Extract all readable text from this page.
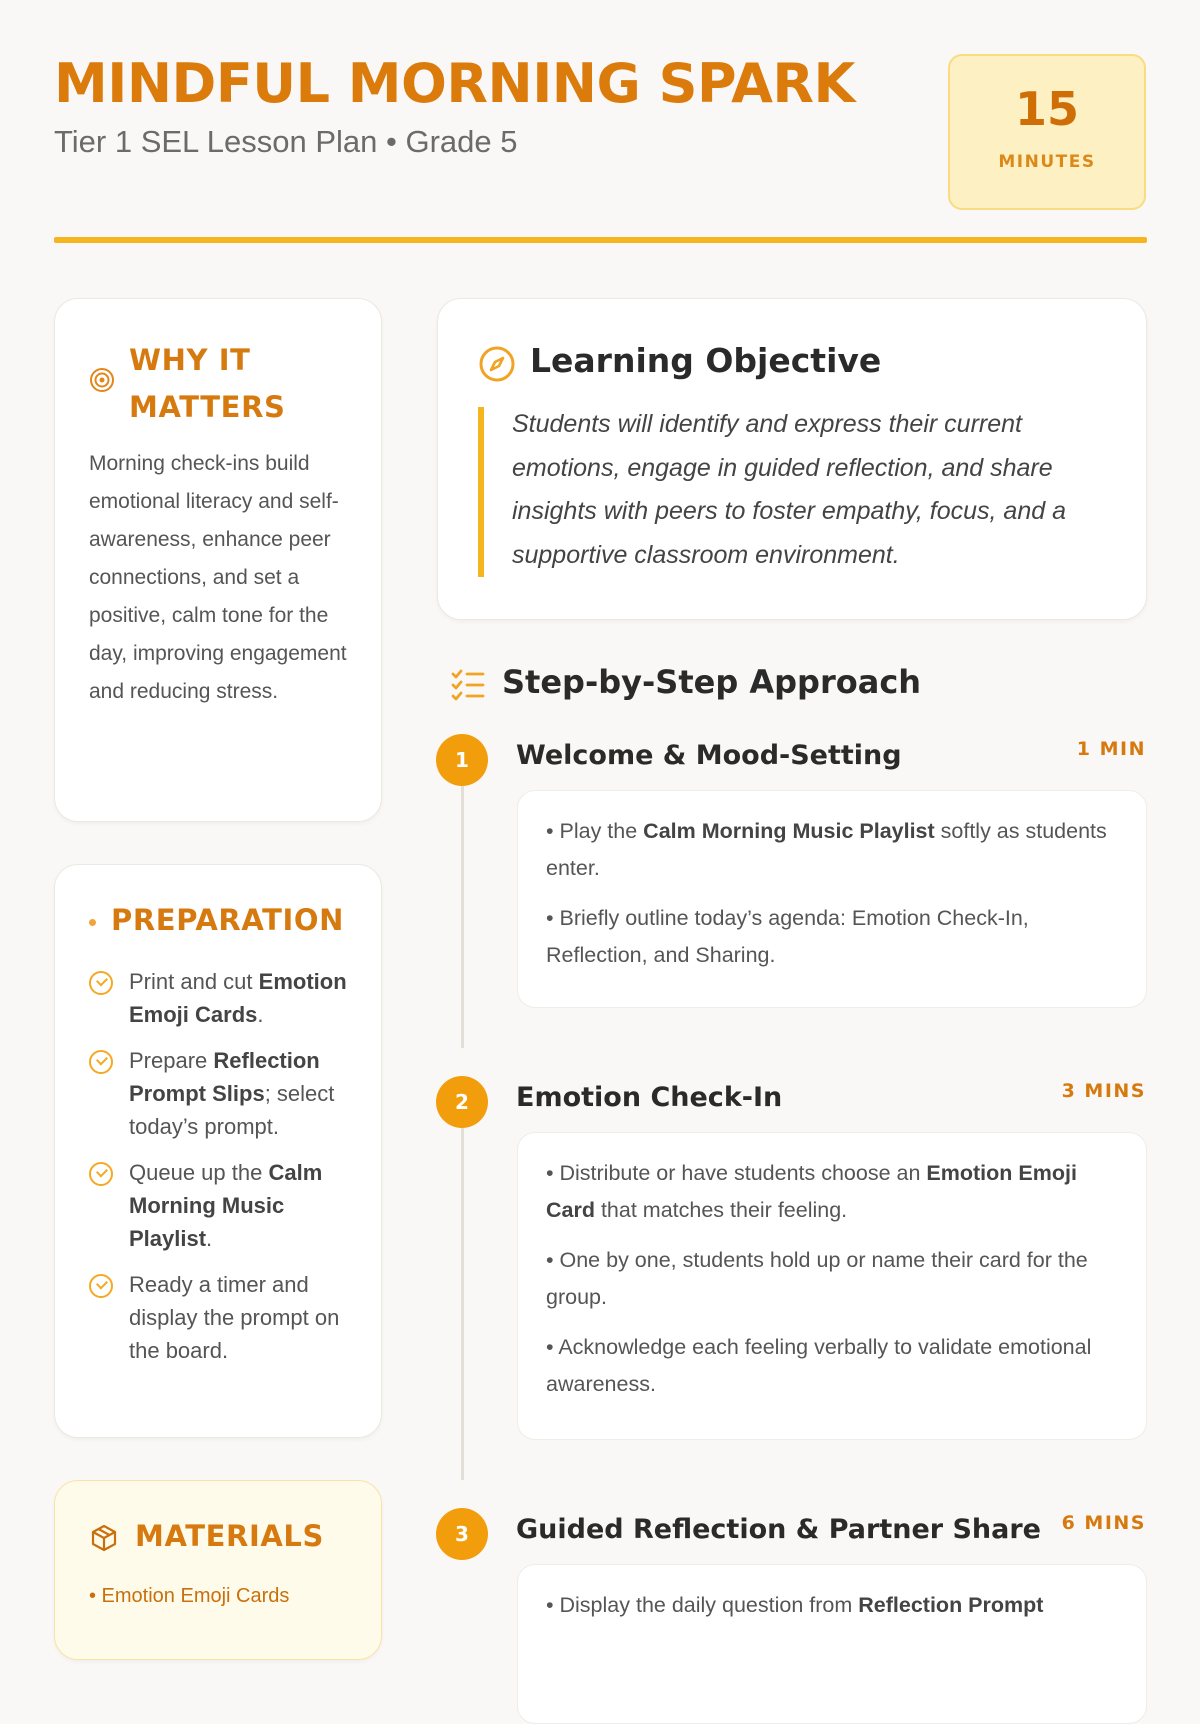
MINDFUL MORNING SPARK
Tier 1 SEL Lesson Plan • Grade 5
15
MINUTES
WHY IT
MATTERS
Morning check-ins build emotional literacy and self-awareness, enhance peer connections, and set a positive, calm tone for the day, improving engagement and reducing stress.
PREPARATION
Print and cut Emotion Emoji Cards.
Prepare Reflection Prompt Slips; select today’s prompt.
Queue up the Calm Morning Music Playlist.
Ready a timer and display the prompt on the board.
MATERIALS
• Emotion Emoji Cards
Learning Objective
Students will identify and express their current emotions, engage in guided reflection, and share insights with peers to foster empathy, focus, and a supportive classroom environment.
Step-by-Step Approach
1	Welcome & Mood-Setting	1 MIN

• Play the Calm Morning Music Playlist softly as students enter.

• Briefly outline today’s agenda: Emotion Check-In, Reflection, and Sharing.

2	Emotion Check-In	3 MINS

• Distribute or have students choose an Emotion Emoji Card that matches their feeling.

• One by one, students hold up or name their card for the group.

• Acknowledge each feeling verbally to validate emotional awareness.

3	Guided Reflection & Partner Share 6 MINS

• Display the daily question from Reflection Prompt
